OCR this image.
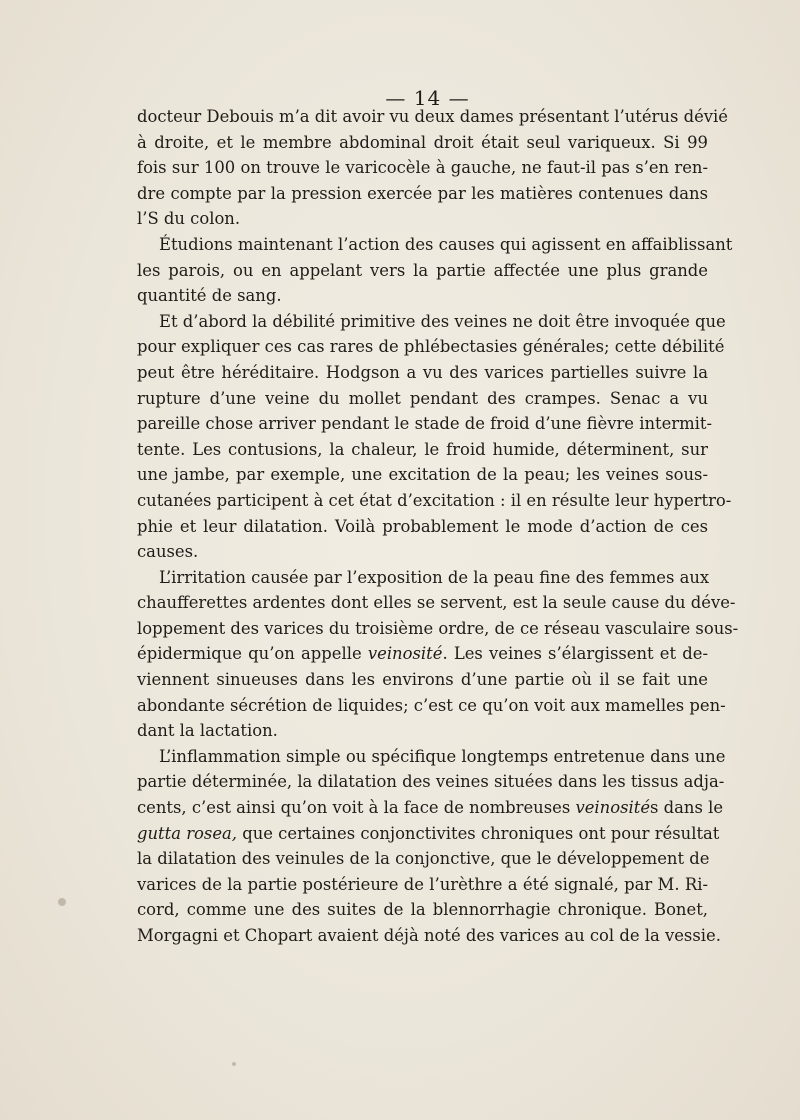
— 14 —
docteur Debouis m’a dit avoir vu deux dames présentant l’utérus dévié
à droite, et le membre abdominal droit était seul variqueux. Si 99
fois sur 100 on trouve le varicocèle à gauche, ne faut-il pas s’en ren-
dre compte par la pression exercée par les matières contenues dans
l’S du colon.
Étudions maintenant l’action des causes qui agissent en affaiblissant
les parois, ou en appelant vers la partie affectée une plus grande
quantité de sang.
Et d’abord la débilité primitive des veines ne doit être invoquée que
pour expliquer ces cas rares de phlébectasies générales; cette débilité
peut être héréditaire. Hodgson a vu des varices partielles suivre la
rupture d’une veine du mollet pendant des crampes. Senac a vu
pareille chose arriver pendant le stade de froid d’une fièvre intermit-
tente. Les contusions, la chaleur, le froid humide, déterminent, sur
une jambe, par exemple, une excitation de la peau; les veines sous-
cutanées participent à cet état d’excitation : il en résulte leur hypertro-
phie et leur dilatation. Voilà probablement le mode d’action de ces
causes.
L’irritation causée par l’exposition de la peau fine des femmes aux
chaufferettes ardentes dont elles se servent, est la seule cause du déve-
loppement des varices du troisième ordre, de ce réseau vasculaire sous-
épidermique qu’on appelle veinosité. Les veines s’élargissent et de-
viennent sinueuses dans les environs d’une partie où il se fait une
abondante sécrétion de liquides; c’est ce qu’on voit aux mamelles pen-
dant la lactation.
L’inflammation simple ou spécifique longtemps entretenue dans une
partie déterminée, la dilatation des veines situées dans les tissus adja-
cents, c’est ainsi qu’on voit à la face de nombreuses veinosités dans le
gutta rosea, que certaines conjonctivites chroniques ont pour résultat
la dilatation des veinules de la conjonctive, que le développement de
varices de la partie postérieure de l’urèthre a été signalé, par M. Ri-
cord, comme une des suites de la blennorrhagie chronique. Bonet,
Morgagni et Chopart avaient déjà noté des varices au col de la vessie.
